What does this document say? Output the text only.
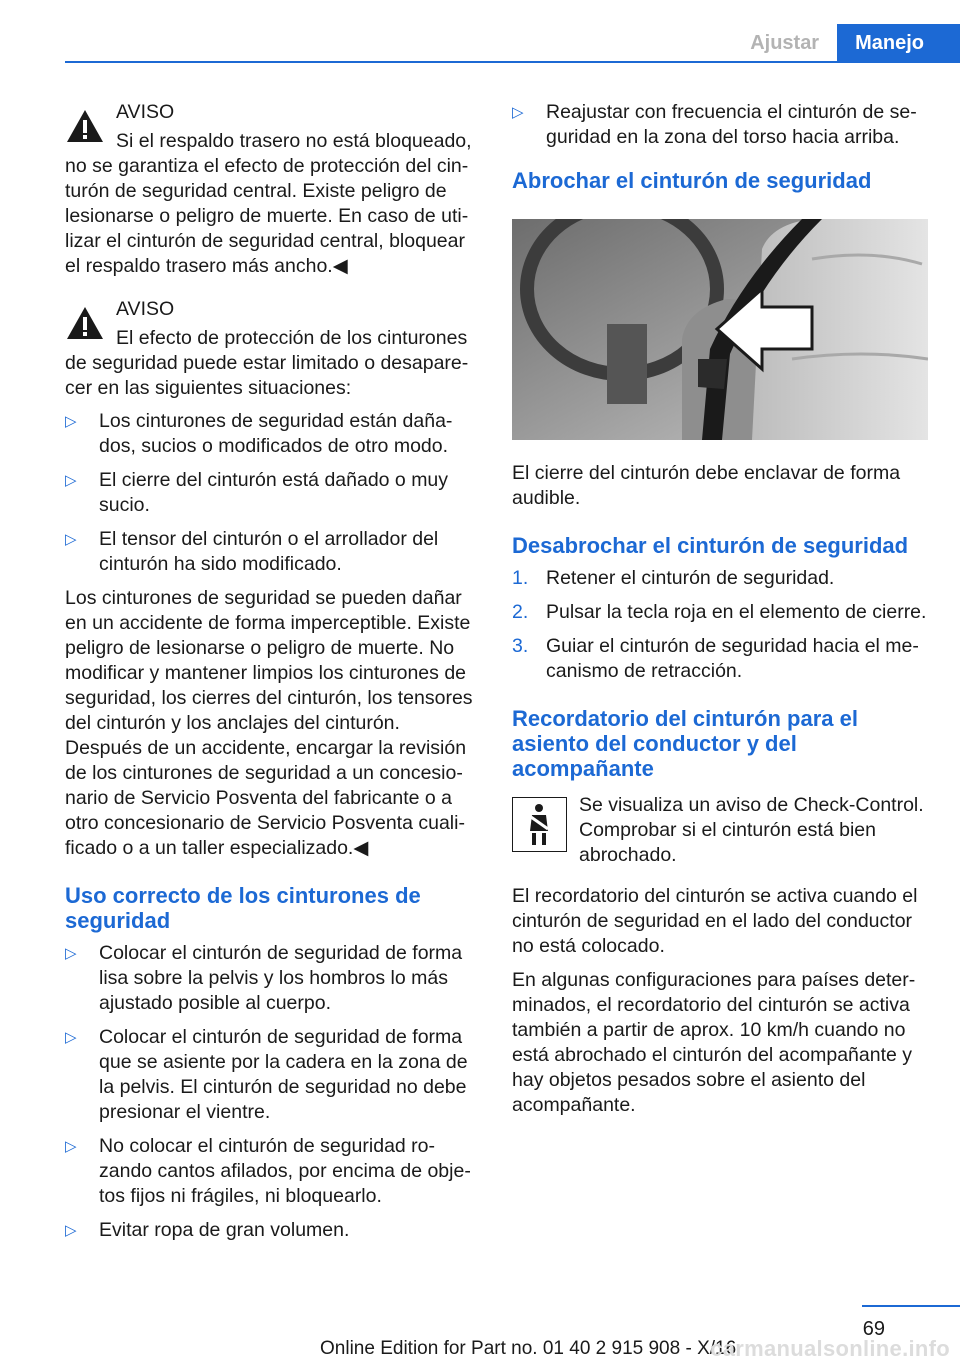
Ajustar	Manejo

AVISO

Si el respaldo trasero no está bloqueado,

no se garantiza el efecto de protección del cinturón de seguridad central. Existe peligro de lesionarse o peligro de muerte. En caso de utilizar el cinturón de seguridad central, bloquear el respaldo trasero más ancho.◀

AVISO

El efecto de protección de los cinturones

de seguridad puede estar limitado o desaparecer en las siguientes situaciones:

▷ Los cinturones de seguridad están dañados, sucios o modificados de otro modo.
▷ El cierre del cinturón está dañado o muy sucio.
▷ El tensor del cinturón o el arrollador del cinturón ha sido modificado.

Los cinturones de seguridad se pueden dañar en un accidente de forma imperceptible. Existe peligro de lesionarse o peligro de muerte. No modificar y mantener limpios los cinturones de seguridad, los cierres del cinturón, los tensores del cinturón y los anclajes del cinturón. Después de un accidente, encargar la revisión de los cinturones de seguridad a un concesionario de Servicio Posventa del fabricante o a otro concesionario de Servicio Posventa cualificado o a un taller especializado.◀

Uso correcto de los cinturones de seguridad
▷ Colocar el cinturón de seguridad de forma lisa sobre la pelvis y los hombros lo más ajustado posible al cuerpo.
▷ Colocar el cinturón de seguridad de forma que se asiente por la cadera en la zona de la pelvis. El cinturón de seguridad no debe presionar el vientre.
▷ No colocar el cinturón de seguridad rozando cantos afilados, por encima de objetos fijos ni frágiles, ni bloquearlo.
▷ Evitar ropa de gran volumen.
▷ Reajustar con frecuencia el cinturón de seguridad en la zona del torso hacia arriba.
Abrochar el cinturón de seguridad

El cierre del cinturón debe enclavar de forma audible.

Desabrochar el cinturón de seguridad
1. Retener el cinturón de seguridad.
2. Pulsar la tecla roja en el elemento de cierre.
3. Guiar el cinturón de seguridad hacia el mecanismo de retracción.
Recordatorio del cinturón para el asiento del conductor y del acompañante

Se visualiza un aviso de Check-Control. Comprobar si el cinturón está bien abrochado.

El recordatorio del cinturón se activa cuando el cinturón de seguridad en el lado del conductor no está colocado.

En algunas configuraciones para países determinados, el recordatorio del cinturón se activa también a partir de aprox. 10 km/h cuando no está abrochado el cinturón del acompañante y hay objetos pesados sobre el asiento del acompañante.

69
Online Edition for Part no. 01 40 2 915 908 - X/16
carmanualsonline.info
